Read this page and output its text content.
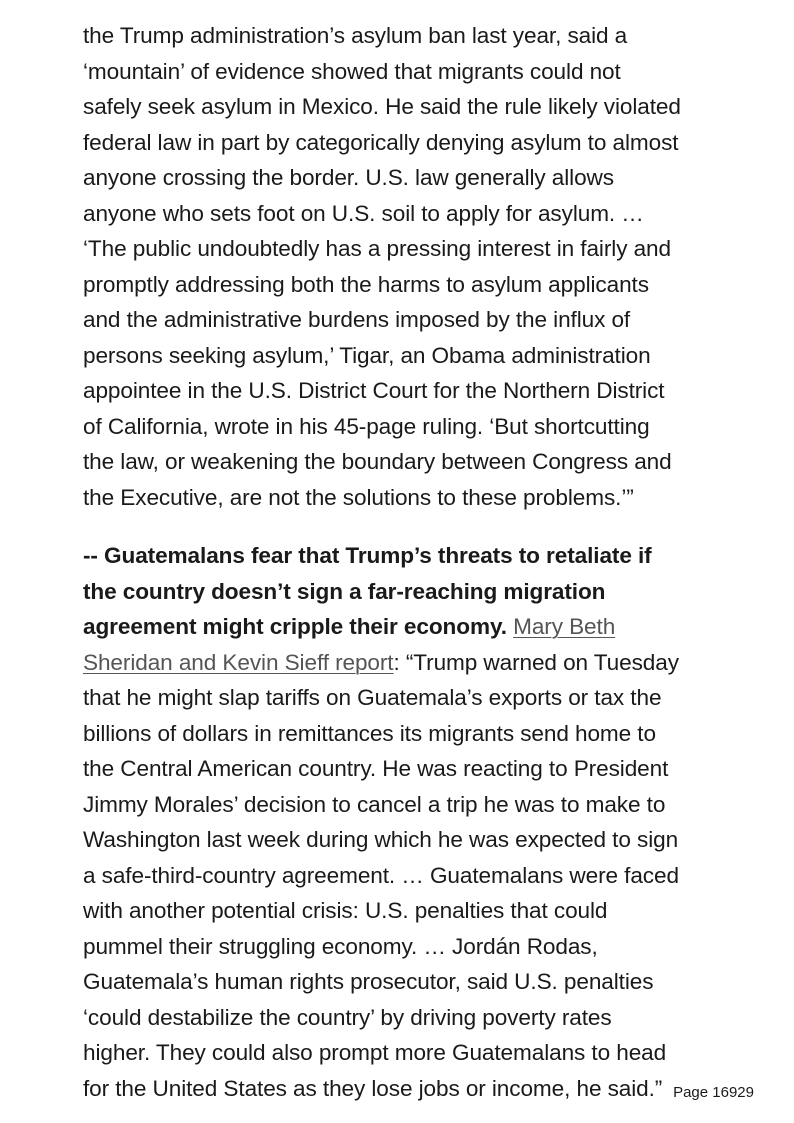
the Trump administration’s asylum ban last year, said a
‘mountain’ of evidence showed that migrants could not
safely seek asylum in Mexico. He said the rule likely violated
federal law in part by categorically denying asylum to almost
anyone crossing the border. U.S. law generally allows
anyone who sets foot on U.S. soil to apply for asylum. …
‘The public undoubtedly has a pressing interest in fairly and
promptly addressing both the harms to asylum applicants
and the administrative burdens imposed by the influx of
persons seeking asylum,’ Tigar, an Obama administration
appointee in the U.S. District Court for the Northern District
of California, wrote in his 45-page ruling. ‘But shortcutting
the law, or weakening the boundary between Congress and
the Executive, are not the solutions to these problems.’”

-- Guatemalans fear that Trump’s threats to retaliate if
the country doesn’t sign a far-reaching migration
agreement might cripple their economy. Mary Beth
Sheridan and Kevin Sieff report: “Trump warned on Tuesday
that he might slap tariffs on Guatemala’s exports or tax the
billions of dollars in remittances its migrants send home to
the Central American country. He was reacting to President
Jimmy Morales’ decision to cancel a trip he was to make to
Washington last week during which he was expected to sign
a safe-third-country agreement. … Guatemalans were faced
with another potential crisis: U.S. penalties that could
pummel their struggling economy. … Jordán Rodas,
Guatemala’s human rights prosecutor, said U.S. penalties
‘could destabilize the country’ by driving poverty rates
higher. They could also prompt more Guatemalans to head
for the United States as they lose jobs or income, he said.” Page 16929
